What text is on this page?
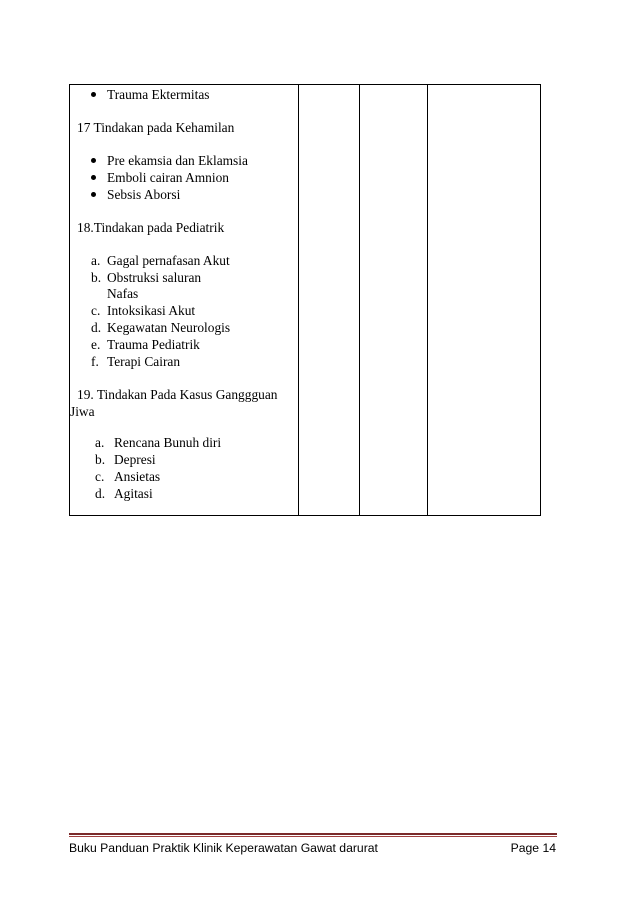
Trauma Ektermitas
17 Tindakan pada Kehamilan
Pre ekamsia dan Eklamsia
Emboli cairan Amnion
Sebsis Aborsi
18.Tindakan pada Pediatrik
a. Gagal pernafasan Akut
b. Obstruksi saluran
Nafas
c. Intoksikasi Akut
d. Kegawatan Neurologis
e. Trauma Pediatrik
f. Terapi Cairan
19. Tindakan Pada Kasus Ganggguan
Jiwa
a. Rencana Bunuh diri
b. Depresi
c. Ansietas
d. Agitasi
Buku Panduan Praktik Klinik Keperawatan Gawat darurat	Page 14
